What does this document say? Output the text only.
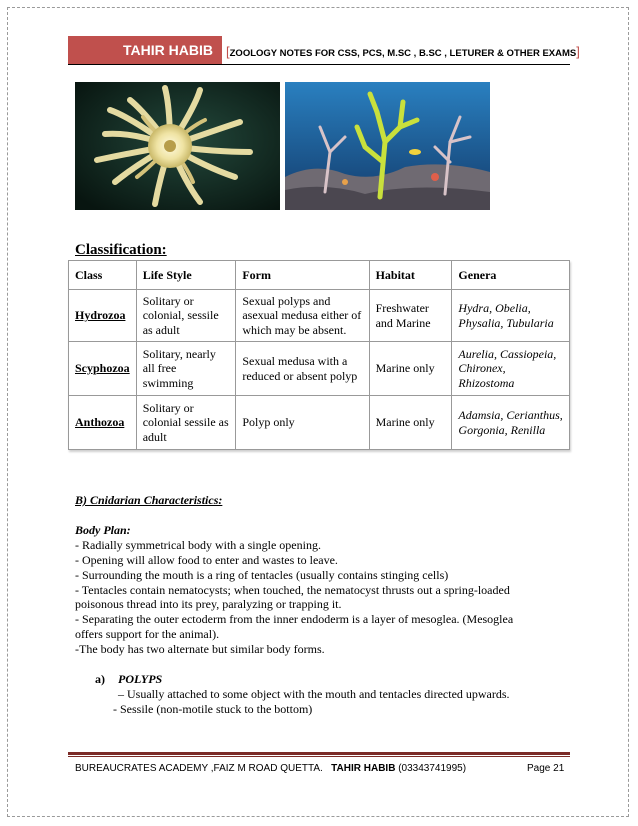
TAHIR HABIB	[ZOOLOGY NOTES FOR CSS, PCS, M.SC , B.SC , LETURER & OTHER EXAMS]
Classification:
Class	Life Style	Form	Habitat	Genera
Hydrozoa	Solitary or colonial, sessile as adult	Sexual polyps and asexual medusa either of which may be absent.	Freshwater and Marine	Hydra, Obelia, Physalia, Tubularia
Scyphozoa	Solitary, nearly all free swimming	Sexual medusa with a reduced or absent polyp	Marine only	Aurelia, Cassiopeia, Chironex, Rhizostoma
Anthozoa	Solitary or colonial sessile as adult	Polyp only	Marine only	Adamsia, Cerianthus, Gorgonia, Renilla
B) Cnidarian Characteristics:
Body Plan:
- Radially symmetrical body with a single opening.
- Opening will allow food to enter and wastes to leave.
- Surrounding the mouth is a ring of tentacles (usually contains stinging cells)
- Tentacles contain nematocysts; when touched, the nematocyst thrusts out a spring-loaded
poisonous thread into its prey, paralyzing or trapping it.
- Separating the outer ectoderm from the inner endoderm is a layer of mesoglea. (Mesoglea
offers support for the animal).
-The body has two alternate but similar body forms.
a) POLYPS
– Usually attached to some object with the mouth and tentacles directed upwards.
- Sessile (non-motile stuck to the bottom)
BUREAUCRATES ACADEMY ,FAIZ M ROAD QUETTA. TAHIR HABIB (03343741995)	Page 21
